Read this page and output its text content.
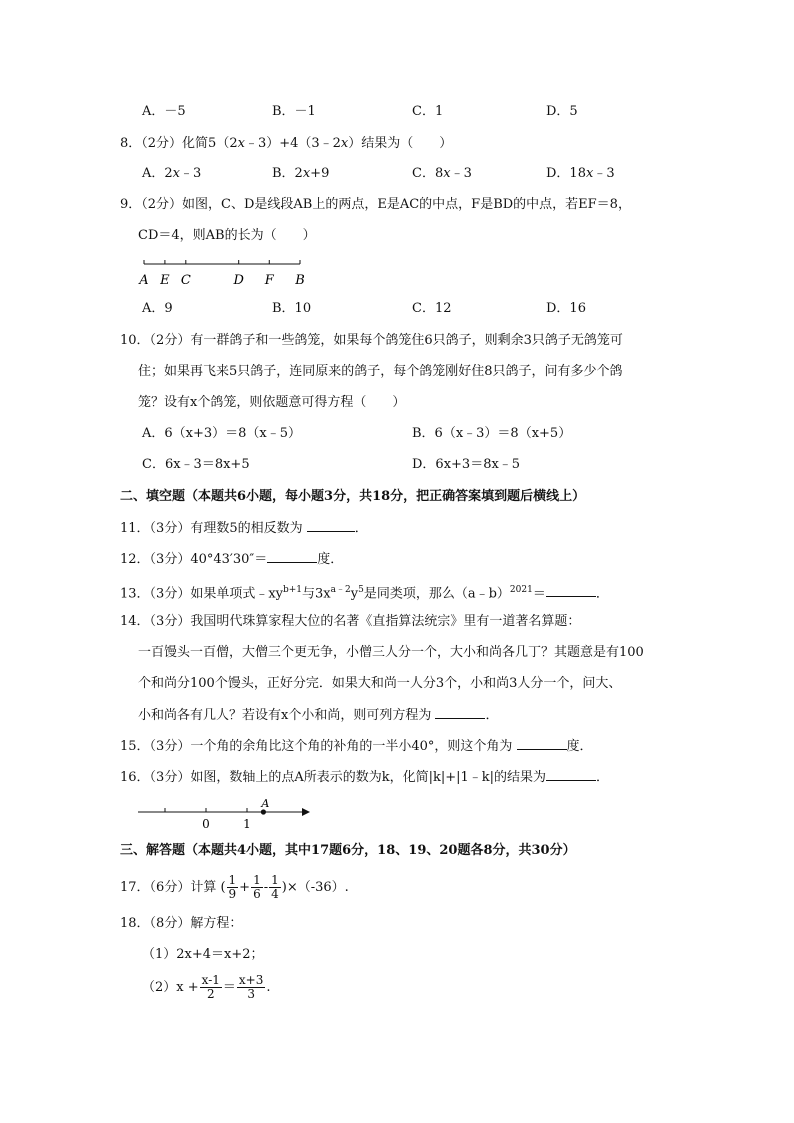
A．－5	B．－1	C．1	D．5
8．（2分）化简5（2x﹣3）+4（3﹣2x）结果为（　　）
A．2x﹣3	B．2x+9	C．8x﹣3	D．18x﹣3
9．（2分）如图，C、D是线段AB上的两点，E是AC的中点，F是BD的中点，若EF＝8，
CD＝4，则AB的长为（　　）
A E C	D F B
A．9	B．10	C．12	D．16
10．（2分）有一群鸽子和一些鸽笼，如果每个鸽笼住6只鸽子，则剩余3只鸽子无鸽笼可
住；如果再飞来5只鸽子，连同原来的鸽子，每个鸽笼刚好住8只鸽子，问有多少个鸽
笼？设有x个鸽笼，则依题意可得方程（　　）
A．6（x+3）＝8（x﹣5）	B．6（x﹣3）＝8（x+5）
C．6x﹣3＝8x+5	D．6x+3＝8x﹣5
二、填空题（本题共6小题，每小题3分，共18分，把正确答案填到题后横线上）
11．（3分）有理数5的相反数为	．
12．（3分）40°43′30″＝	度．
13．（3分）如果单项式$﹣xy^{b+1}$与$3x^{a﹣2}y^5$是同类项，那么（a﹣b）$^{2021}$＝	．
14．（3分）我国明代珠算家程大位的名著《直指算法统宗》里有一道著名算题：
一百馒头一百僧，大僧三个更无争，小僧三人分一个，大小和尚各几丁？其题意是有100
个和尚分100个馒头，正好分完．如果大和尚一人分3个，小和尚3人分一个，问大、
小和尚各有几人？若设有x个小和尚，则可列方程为	．
15．（3分）一个角的余角比这个角的补角的一半小40°，则这个角为	度．
16．（3分）如图，数轴上的点A所表示的数为k，化简|k|+|1﹣k|的结果为	．
0	1
A
三、解答题（本题共4小题，其中17题6分，18、19、20题各8分，共30分）
17．（6分）计算 ( $\frac{1}{9} + \frac{1}{6} - \frac{1}{4} )\times(-36)$.
18．（8分）解方程：
（1）2x+4＝x+2；
$(2)x + \frac{x-1}{2} = \frac{x+3}{3}$ .
